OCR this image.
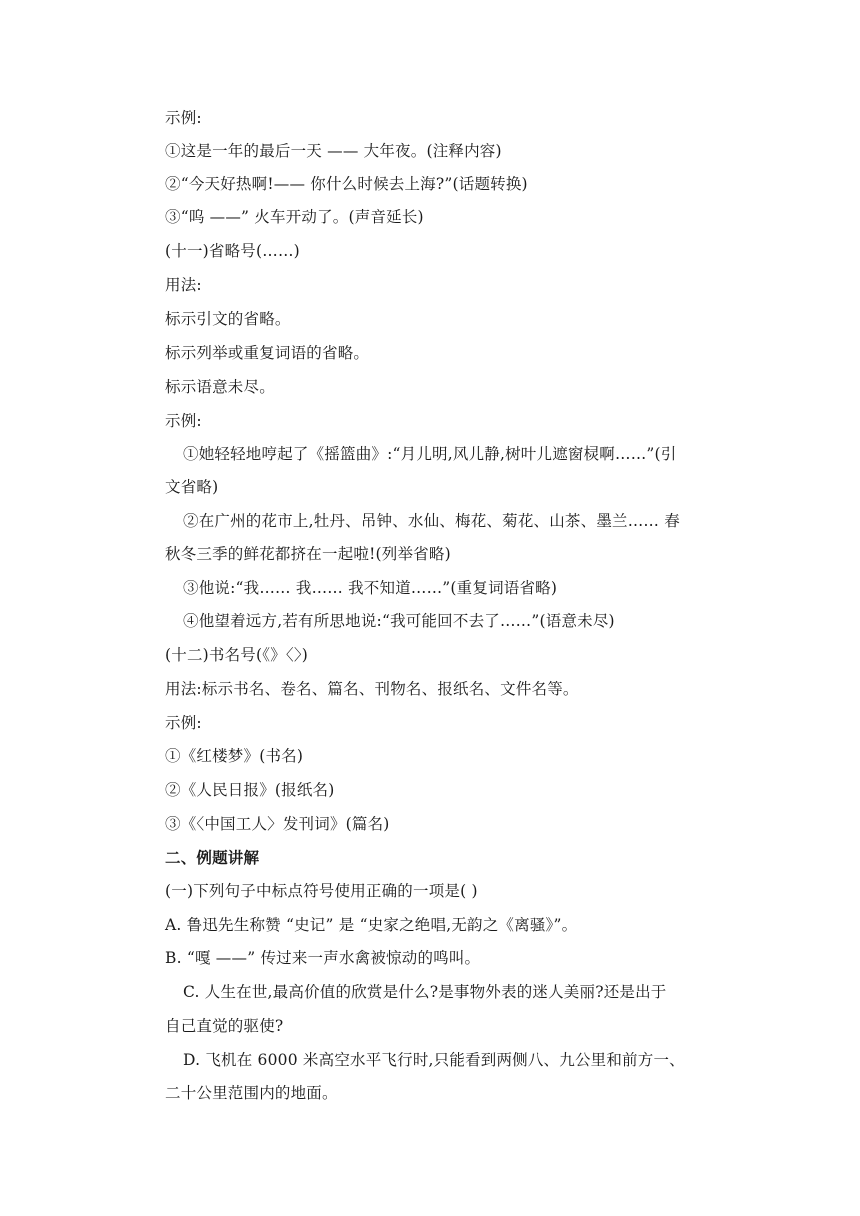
示例:
①这是一年的最后一天 —— 大年夜。(注释内容)
②“今天好热啊!—— 你什么时候去上海?”(话题转换)
③“呜 ——” 火车开动了。(声音延长)
(十一)省略号(……)
用法:
标示引文的省略。
标示列举或重复词语的省略。
标示语意未尽。
示例:
①她轻轻地哼起了《摇篮曲》:“月儿明,风儿静,树叶儿遮窗棂啊……”(引
文省略)
②在广州的花市上,牡丹、吊钟、水仙、梅花、菊花、山茶、墨兰…… 春
秋冬三季的鲜花都挤在一起啦!(列举省略)
③他说:“我…… 我…… 我不知道……”(重复词语省略)
④他望着远方,若有所思地说:“我可能回不去了……”(语意未尽)
(十二)书名号(《》〈〉)
用法:标示书名、卷名、篇名、刊物名、报纸名、文件名等。
示例:
①《红楼梦》(书名)
②《人民日报》(报纸名)
③《〈中国工人〉发刊词》(篇名)
二、例题讲解
(一)下列句子中标点符号使用正确的一项是( )
A. 鲁迅先生称赞 “史记” 是 “史家之绝唱,无韵之《离骚》”。
B. “嘎 ——” 传过来一声水禽被惊动的鸣叫。
C. 人生在世,最高价值的欣赏是什么?是事物外表的迷人美丽?还是出于
自己直觉的驱使?
D. 飞机在 6000 米高空水平飞行时,只能看到两侧八、九公里和前方一、
二十公里范围内的地面。
